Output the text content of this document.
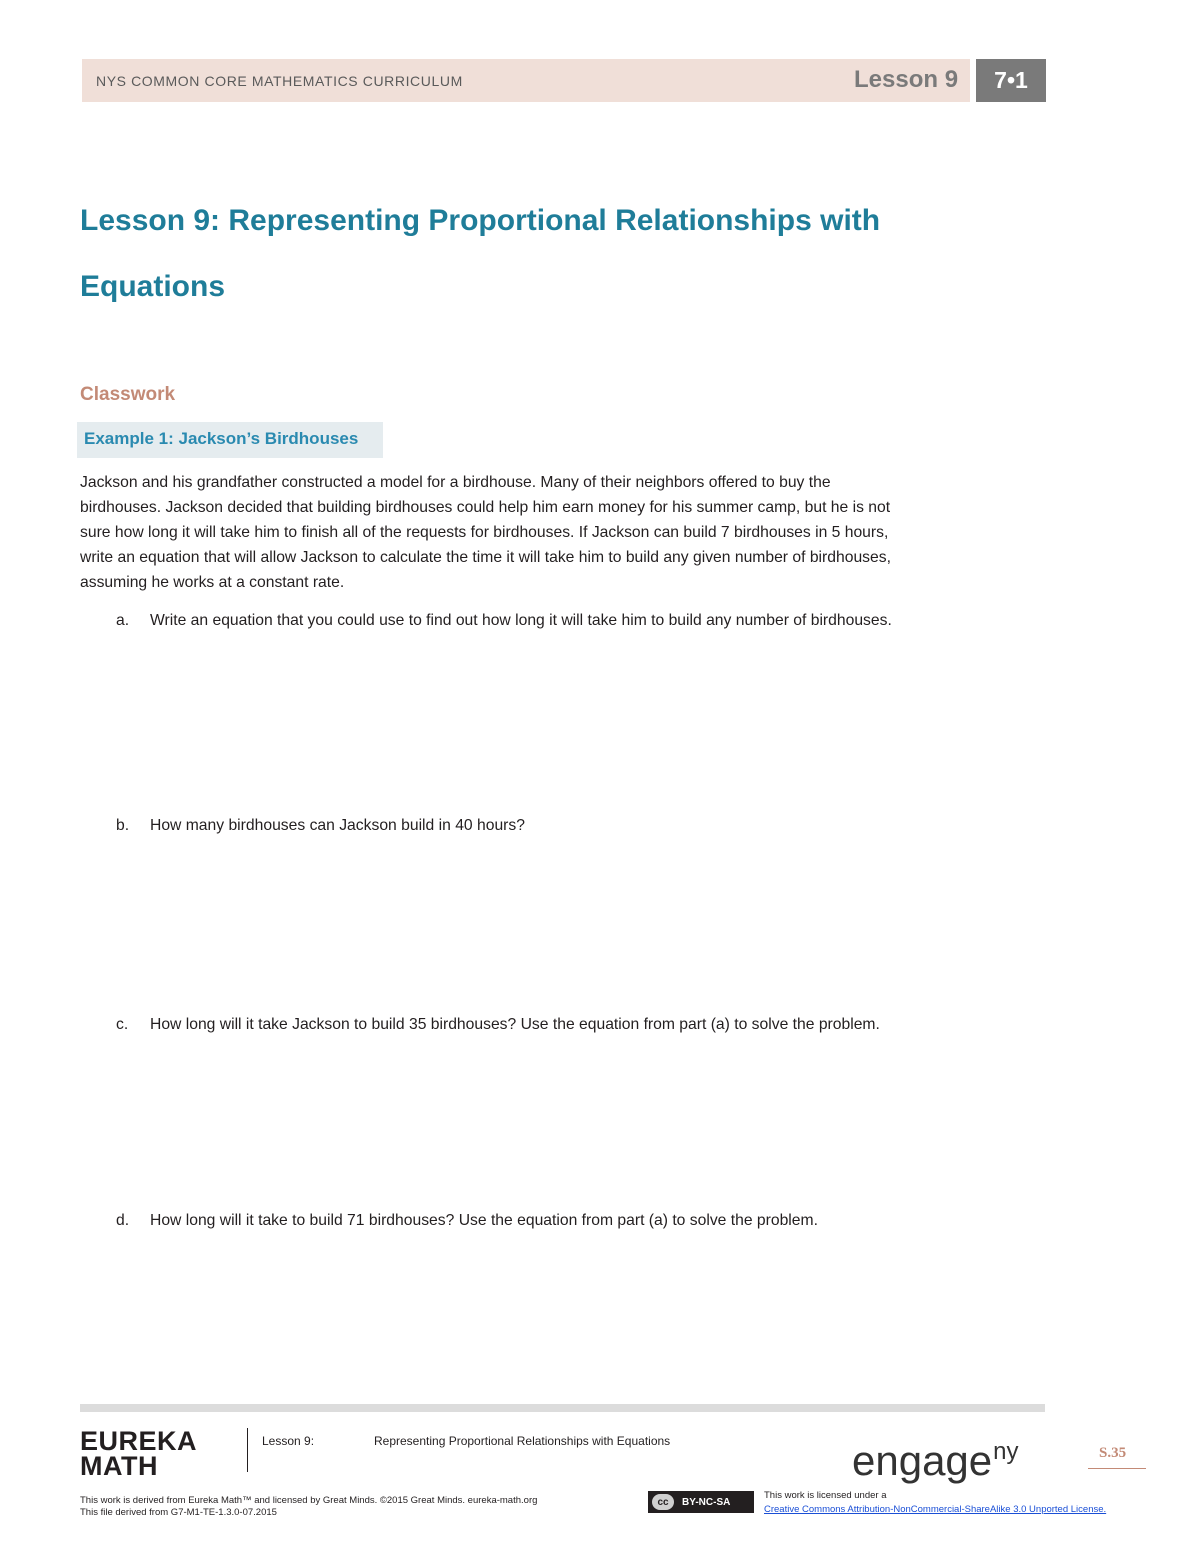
NYS COMMON CORE MATHEMATICS CURRICULUM	Lesson 9	7•1
Lesson 9: Representing Proportional Relationships with
Equations
Classwork
Example 1: Jackson’s Birdhouses

Jackson and his grandfather constructed a model for a birdhouse. Many of their neighbors offered to buy the
birdhouses. Jackson decided that building birdhouses could help him earn money for his summer camp, but he is not
sure how long it will take him to finish all of the requests for birdhouses. If Jackson can build 7 birdhouses in 5 hours,
write an equation that will allow Jackson to calculate the time it will take him to build any given number of birdhouses,
assuming he works at a constant rate.

a. Write an equation that you could use to find out how long it will take him to build any number of birdhouses.
b. How many birdhouses can Jackson build in 40 hours?
c. How long will it take Jackson to build 35 birdhouses? Use the equation from part (a) to solve the problem.
d. How long will it take to build 71 birdhouses? Use the equation from part (a) to solve the problem.
EUREKA
MATH
Lesson 9:	Representing Proportional Relationships with Equations	engage$^{ny}$	S.35
This work is derived from Eureka Math™ and licensed by Great Minds. ©2015 Great Minds. eureka-math.org
This file derived from G7-M1-TE-1.3.0-07.2015
cc	BY-NC-SA
This work is licensed under a
Creative Commons Attribution-NonCommercial-ShareAlike 3.0 Unported License.
